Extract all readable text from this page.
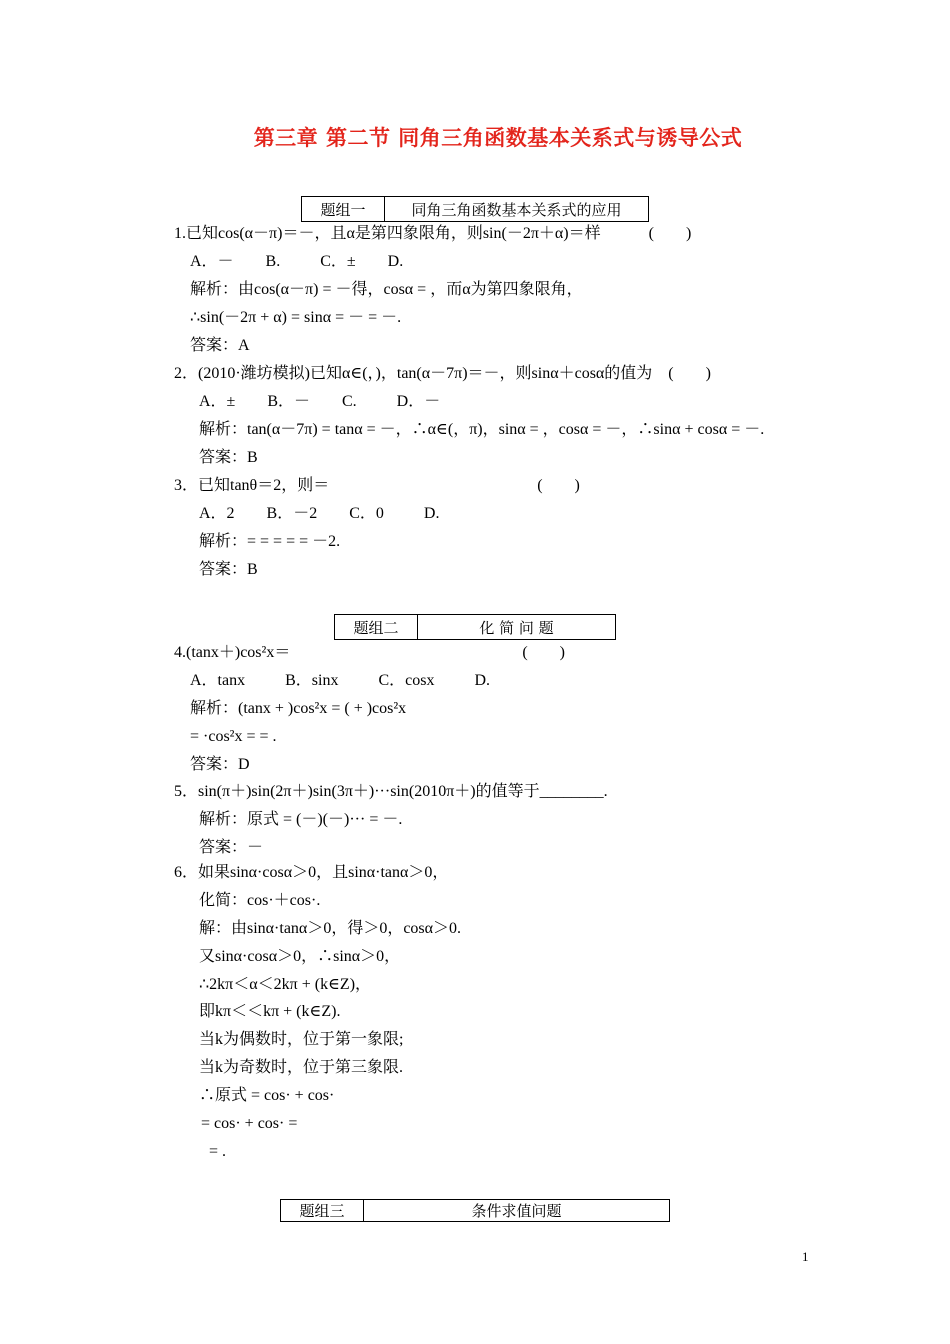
第三章 第二节 同角三角函数基本关系式与诱导公式
题组一	同角三角函数基本关系式的应用
1.已知cos(α－π)＝－，且α是第四象限角，则sin(－2π＋α)＝样            (        )
A．－        B.          C．±        D.
解析：由cos(α－π) = －得，cosα = ，而α为第四象限角，
∴sin(－2π + α) = sinα = － = －.
答案：A
2．(2010·潍坊模拟)已知α∈(，)，tan(α－7π)＝－，则sinα＋cosα的值为    (        )
A．±        B．－        C.          D．－
解析：tan(α－7π) = tanα = －，∴α∈(，π)，sinα = ，cosα = －，∴sinα + cosα = －.
答案：B
3．已知tanθ＝2，则＝                                                    (        )
A．2        B．－2        C．0          D.
解析：= = = = = －2.
答案：B
题组二	化 简 问 题
4.(tanx＋)cos²x＝                                                          (        )
A．tanx          B．sinx          C．cosx          D.
解析：(tanx + )cos²x = ( + )cos²x
= ·cos²x = = .
答案：D
5．sin(π＋)sin(2π＋)sin(3π＋)···sin(2010π＋)的值等于________.
解析：原式 = (－)(－)··· = －.
答案：－
6．如果sinα·cosα＞0，且sinα·tanα＞0，
化简：cos·＋cos·.
解：由sinα·tanα＞0，得＞0，cosα＞0.
又sinα·cosα＞0，∴sinα＞0，
∴2kπ＜α＜2kπ + (k∈Z)，
即kπ＜＜kπ + (k∈Z).
当k为偶数时，位于第一象限;
当k为奇数时，位于第三象限.
∴原式 = cos· + cos·
= cos· + cos· =
= .
题组三	条件求值问题
1
